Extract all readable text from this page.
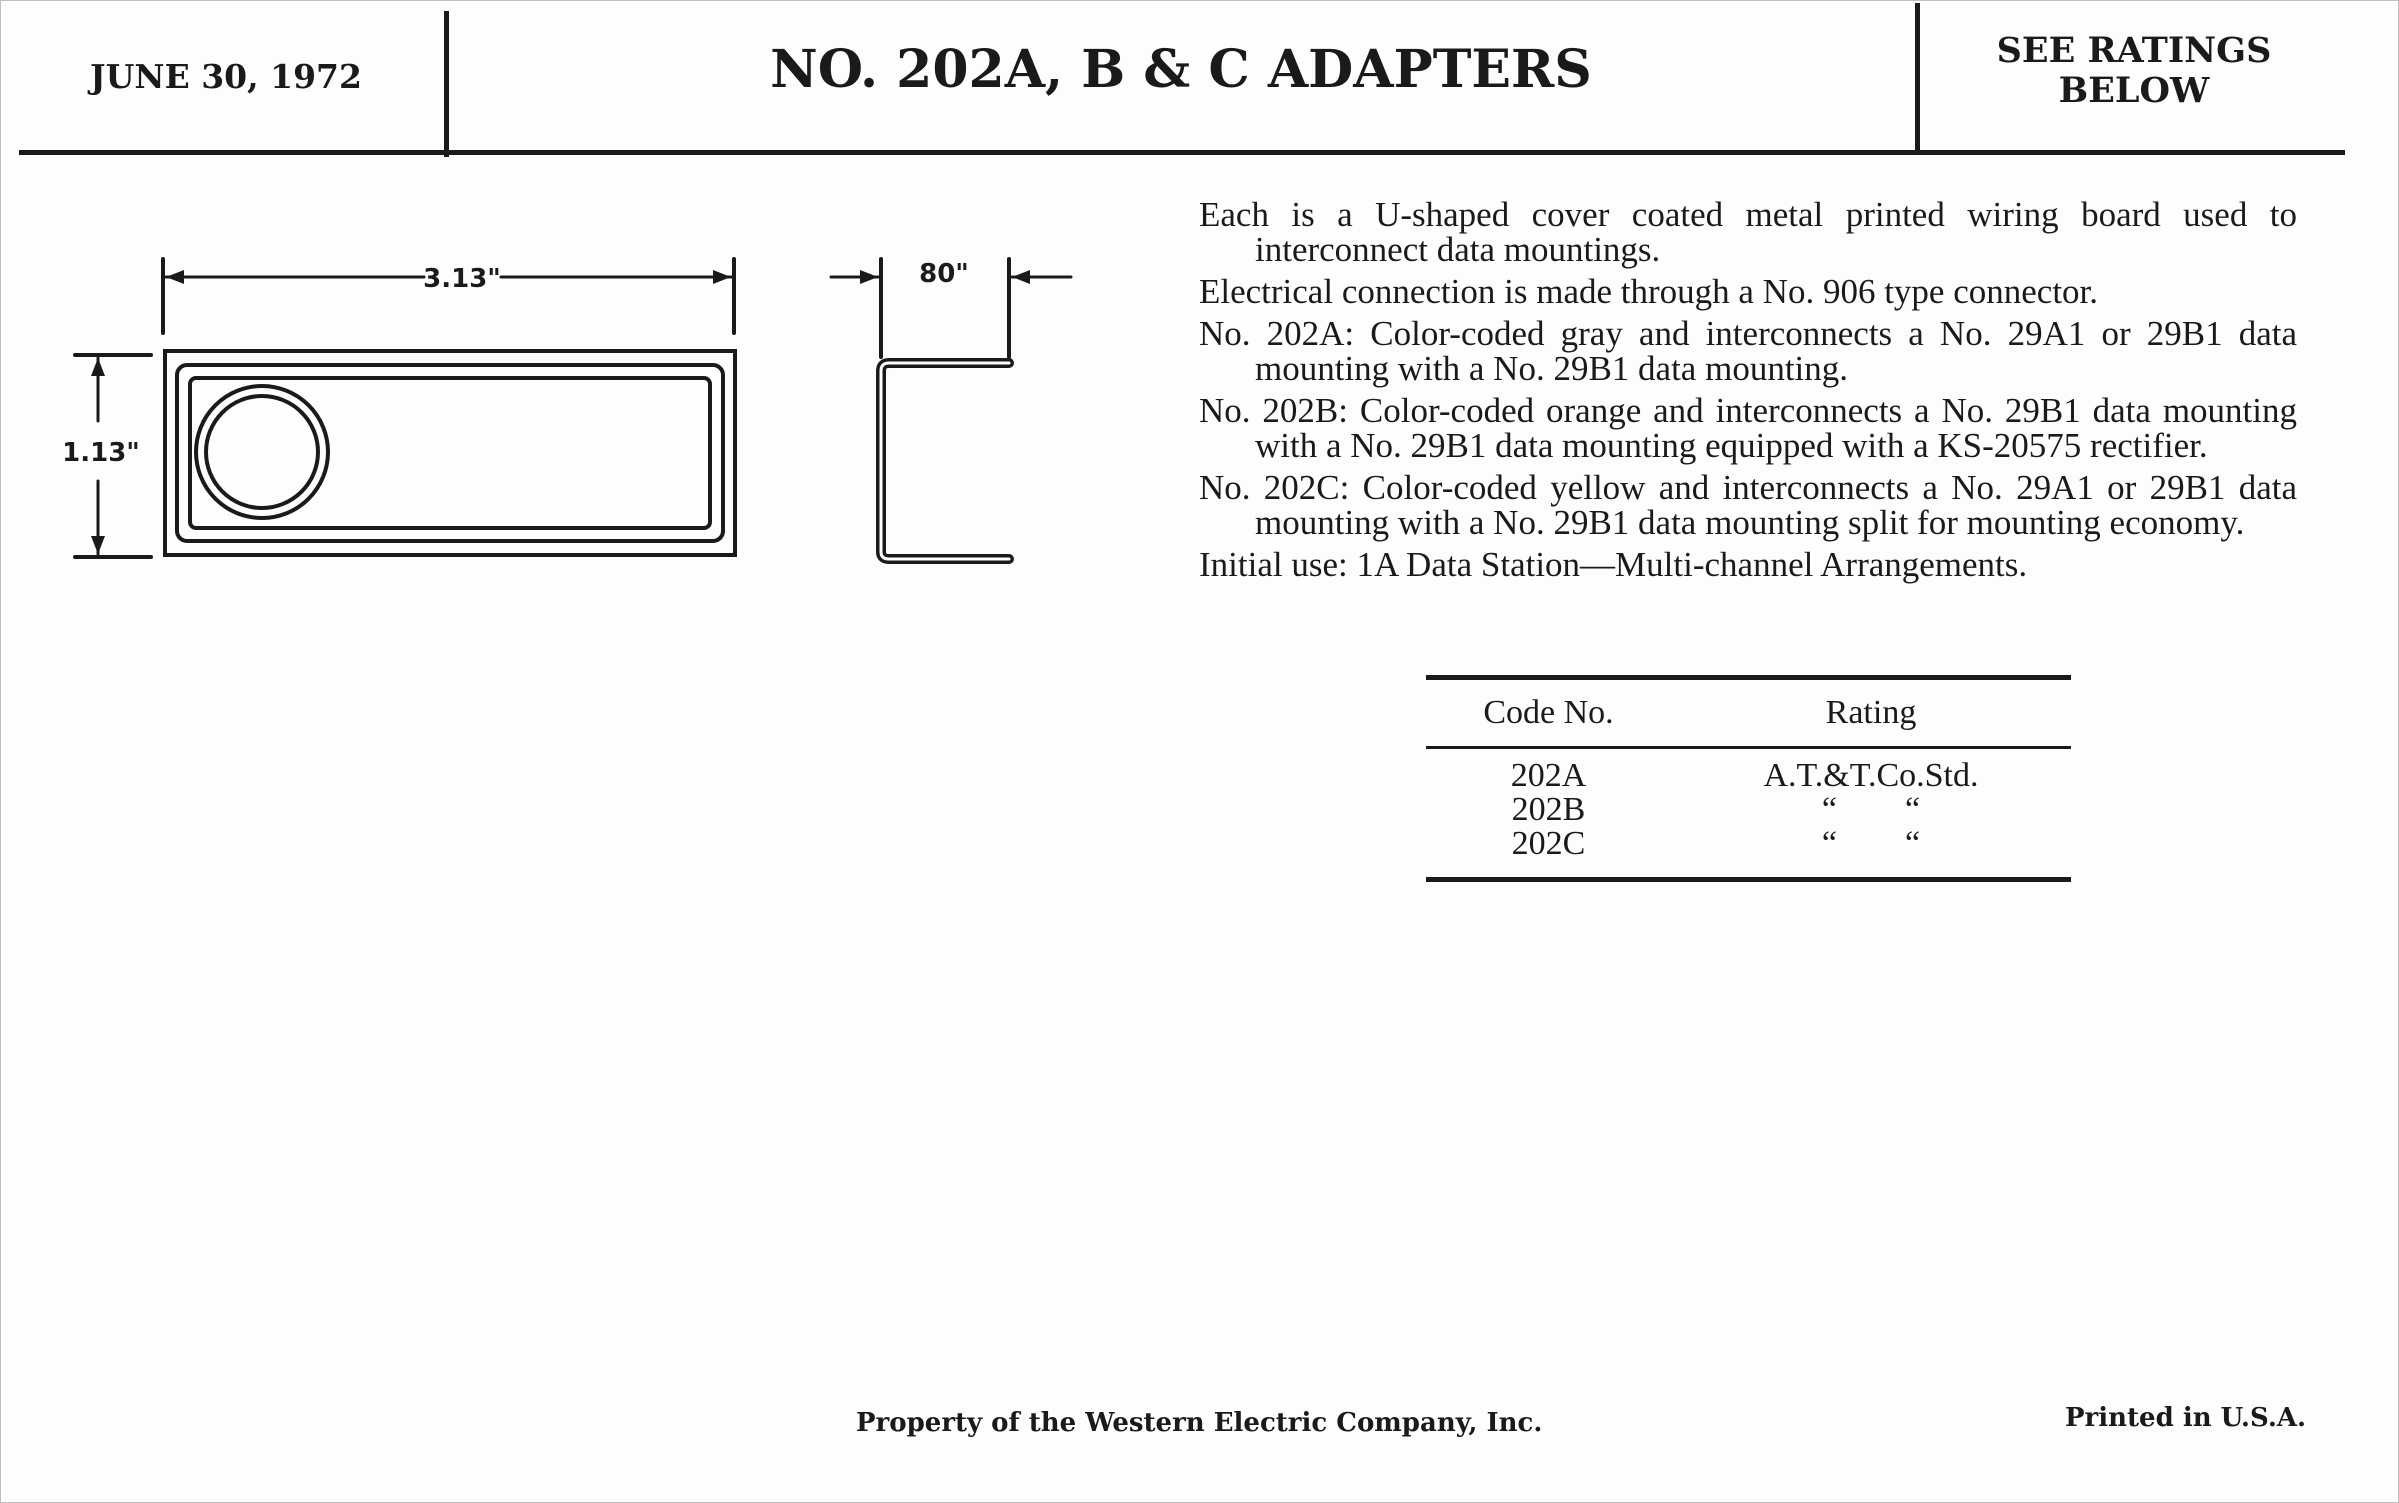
JUNE 30, 1972	NO. 202A, B & C ADAPTERS	SEE RATINGS
BELOW
3.13"
1.13"
80"

Each is a U-shaped cover coated metal printed wiring board used to interconnect data mountings.

Electrical connection is made through a No. 906 type connector.

No. 202A: Color-coded gray and interconnects a No. 29A1 or 29B1 data mounting with a No. 29B1 data mounting.

No. 202B: Color-coded orange and interconnects a No. 29B1 data mounting with a No. 29B1 data mounting equipped with a KS-20575 rectifier.

No. 202C: Color-coded yellow and interconnects a No. 29A1 or 29B1 data mounting with a No. 29B1 data mounting split for mounting economy.

Initial use: 1A Data Station—Multi-channel Arrangements.

Code No.	Rating
202A	A.T.&T.Co.Std.
202B	“        “
202C	“        “
Property of the Western Electric Company, Inc.	Printed in U.S.A.
